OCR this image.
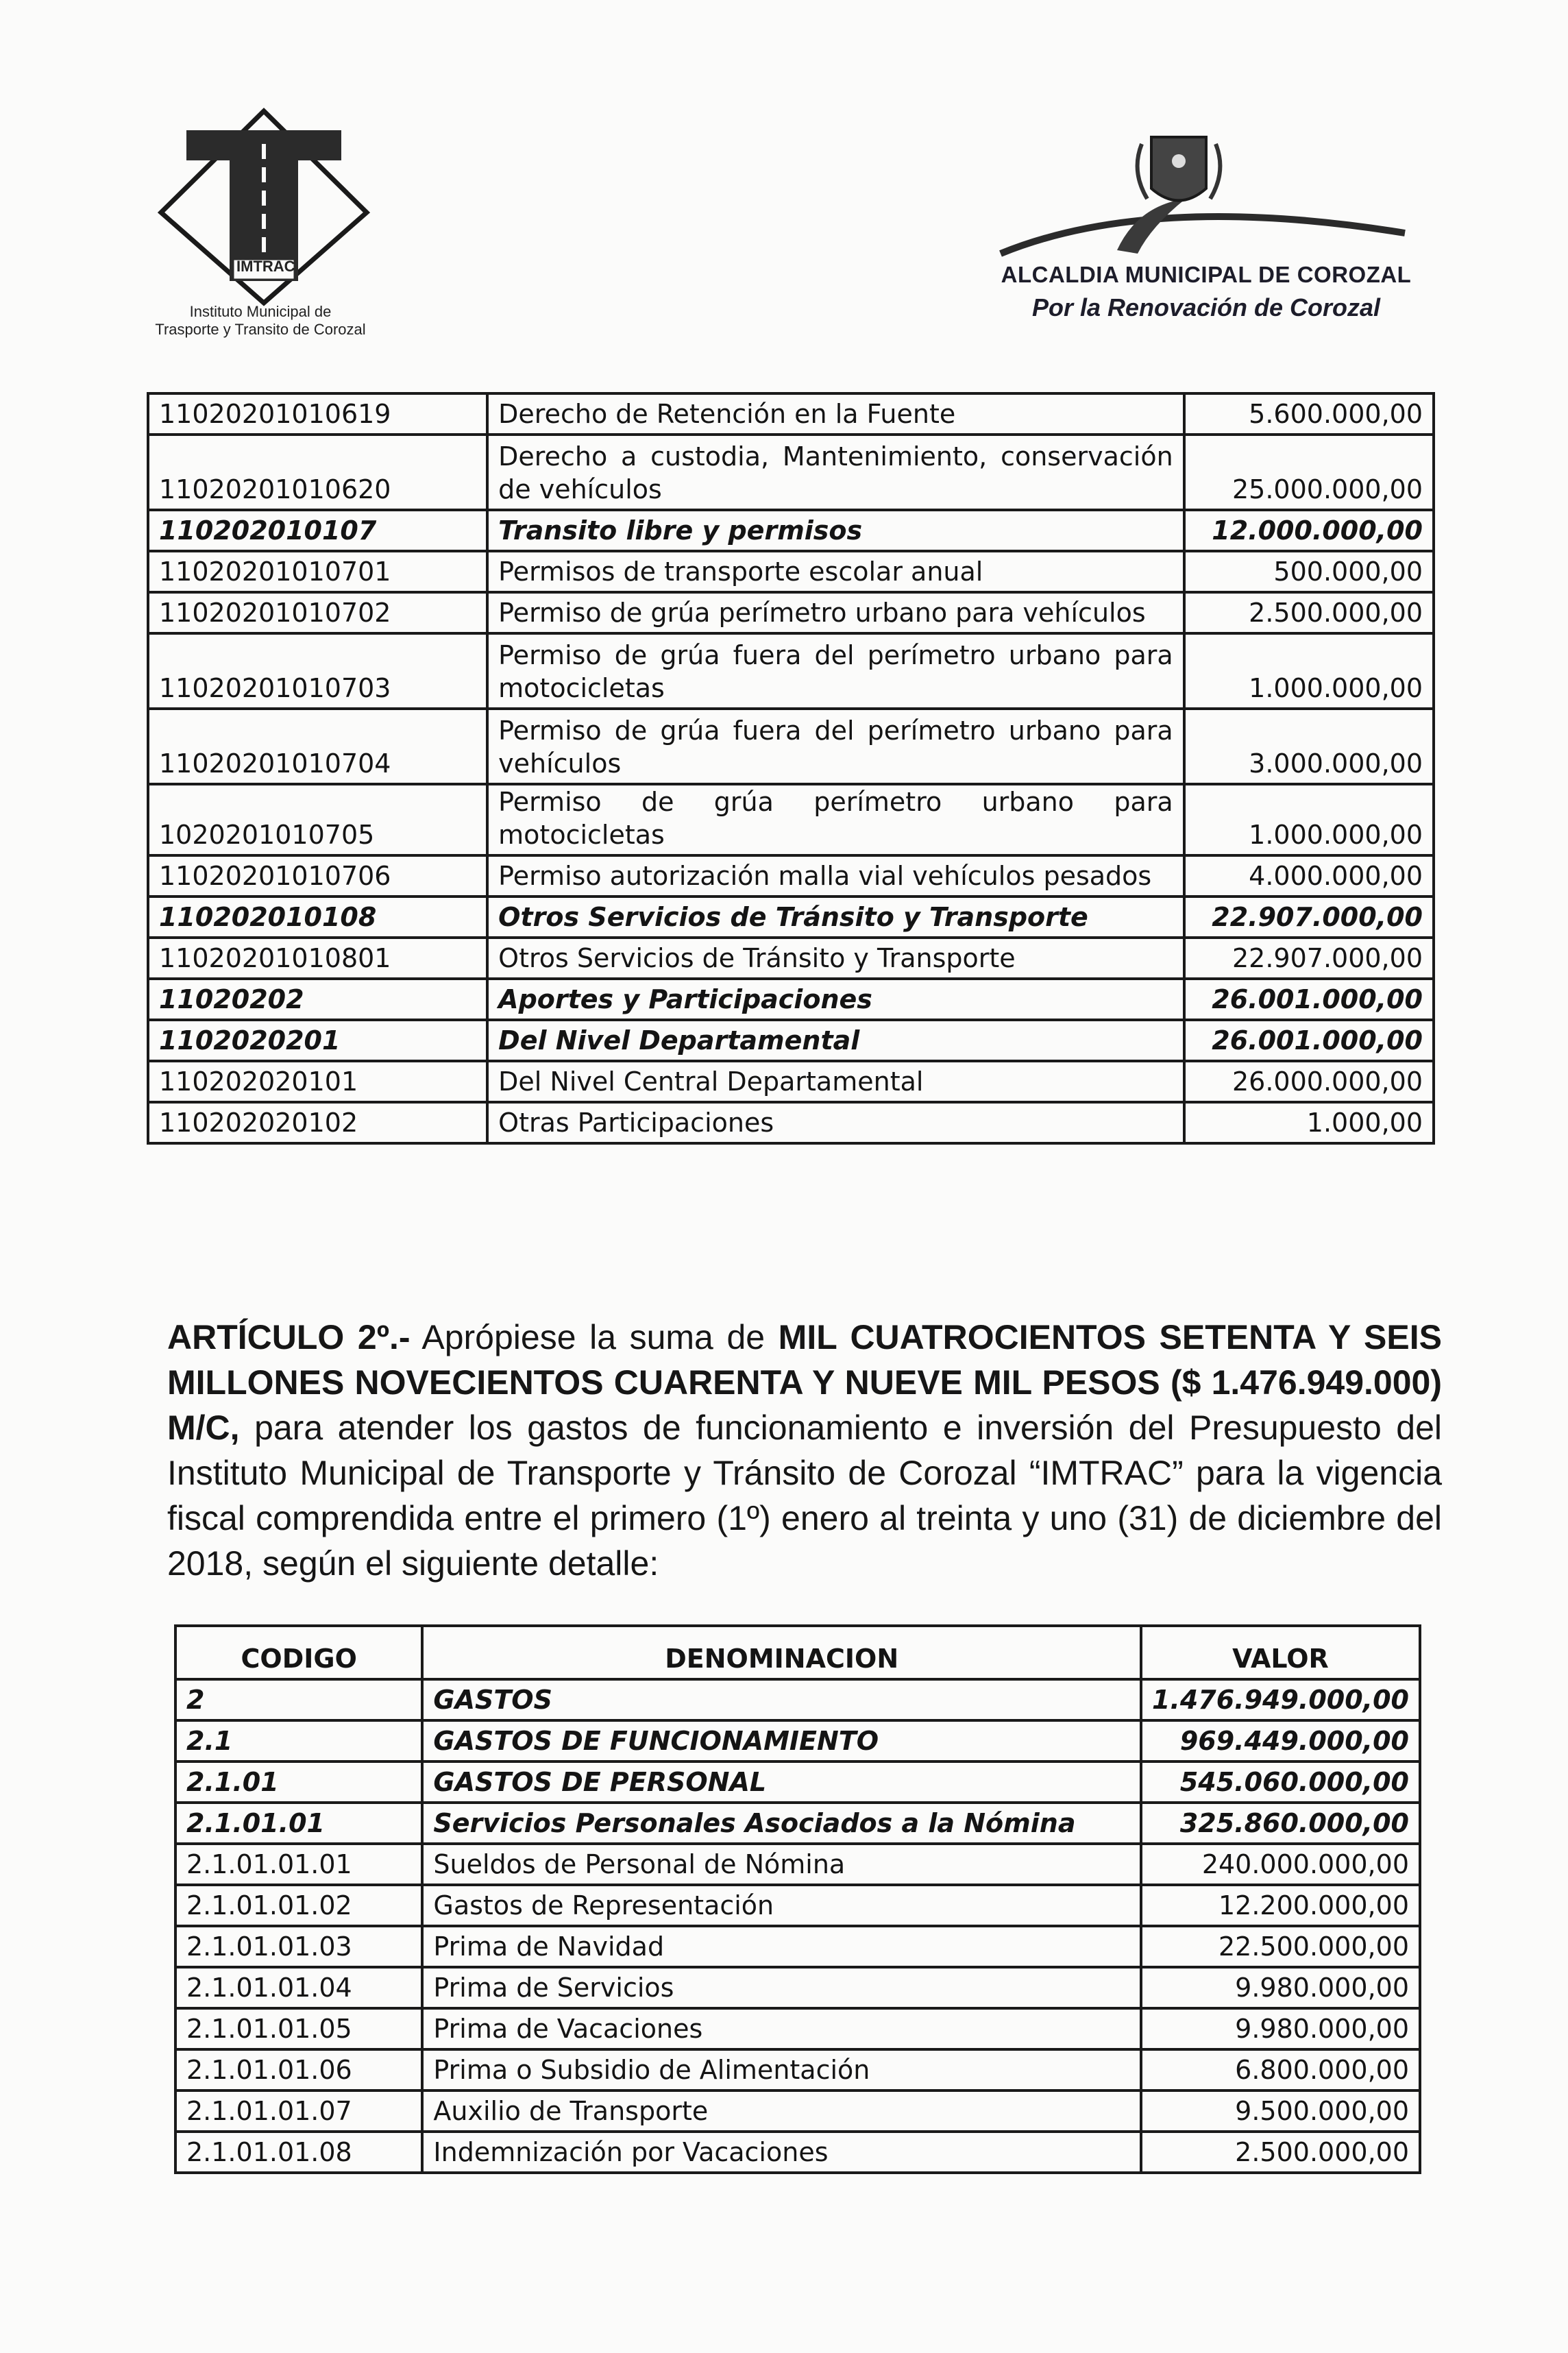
IMTRAC
Instituto Municipal de
Trasporte y Transito de Corozal
ALCALDIA MUNICIPAL DE COROZAL
Por la Renovación de Corozal
11020201010619	Derecho de Retención en la Fuente	5.600.000,00
11020201010620	Derecho a custodia, Mantenimiento, conservación de vehículos	25.000.000,00
110202010107	Transito libre y permisos	12.000.000,00
11020201010701	Permisos de transporte escolar anual	500.000,00
11020201010702	Permiso de grúa perímetro urbano para vehículos	2.500.000,00
11020201010703	Permiso de grúa fuera del perímetro urbano para motocicletas	1.000.000,00
11020201010704	Permiso de grúa fuera del perímetro urbano para vehículos	3.000.000,00
1020201010705	Permiso de grúa perímetro urbano para motocicletas	1.000.000,00
11020201010706	Permiso autorización malla vial vehículos pesados	4.000.000,00
110202010108	Otros Servicios de Tránsito y Transporte	22.907.000,00
11020201010801	Otros Servicios de Tránsito y Transporte	22.907.000,00
11020202	Aportes y Participaciones	26.001.000,00
1102020201	Del Nivel Departamental	26.001.000,00
110202020101	Del Nivel Central Departamental	26.000.000,00
110202020102	Otras Participaciones	1.000,00
ARTÍCULO 2º.- Aprópiese la suma de MIL CUATROCIENTOS SETENTA Y SEIS MILLONES NOVECIENTOS CUARENTA Y NUEVE MIL PESOS ($ 1.476.949.000) M/C, para atender los gastos de funcionamiento e inversión del Presupuesto del Instituto Municipal de Transporte y Tránsito de Corozal “IMTRAC” para la vigencia fiscal comprendida entre el primero (1º) enero al treinta y uno (31) de diciembre del 2018, según el siguiente detalle:
CODIGO	DENOMINACION	VALOR
2	GASTOS	1.476.949.000,00
2.1	GASTOS DE FUNCIONAMIENTO	969.449.000,00
2.1.01	GASTOS DE PERSONAL	545.060.000,00
2.1.01.01	Servicios Personales Asociados a la Nómina	325.860.000,00
2.1.01.01.01	Sueldos de Personal de Nómina	240.000.000,00
2.1.01.01.02	Gastos de Representación	12.200.000,00
2.1.01.01.03	Prima de Navidad	22.500.000,00
2.1.01.01.04	Prima de Servicios	9.980.000,00
2.1.01.01.05	Prima de Vacaciones	9.980.000,00
2.1.01.01.06	Prima o Subsidio de Alimentación	6.800.000,00
2.1.01.01.07	Auxilio de Transporte	9.500.000,00
2.1.01.01.08	Indemnización por Vacaciones	2.500.000,00
